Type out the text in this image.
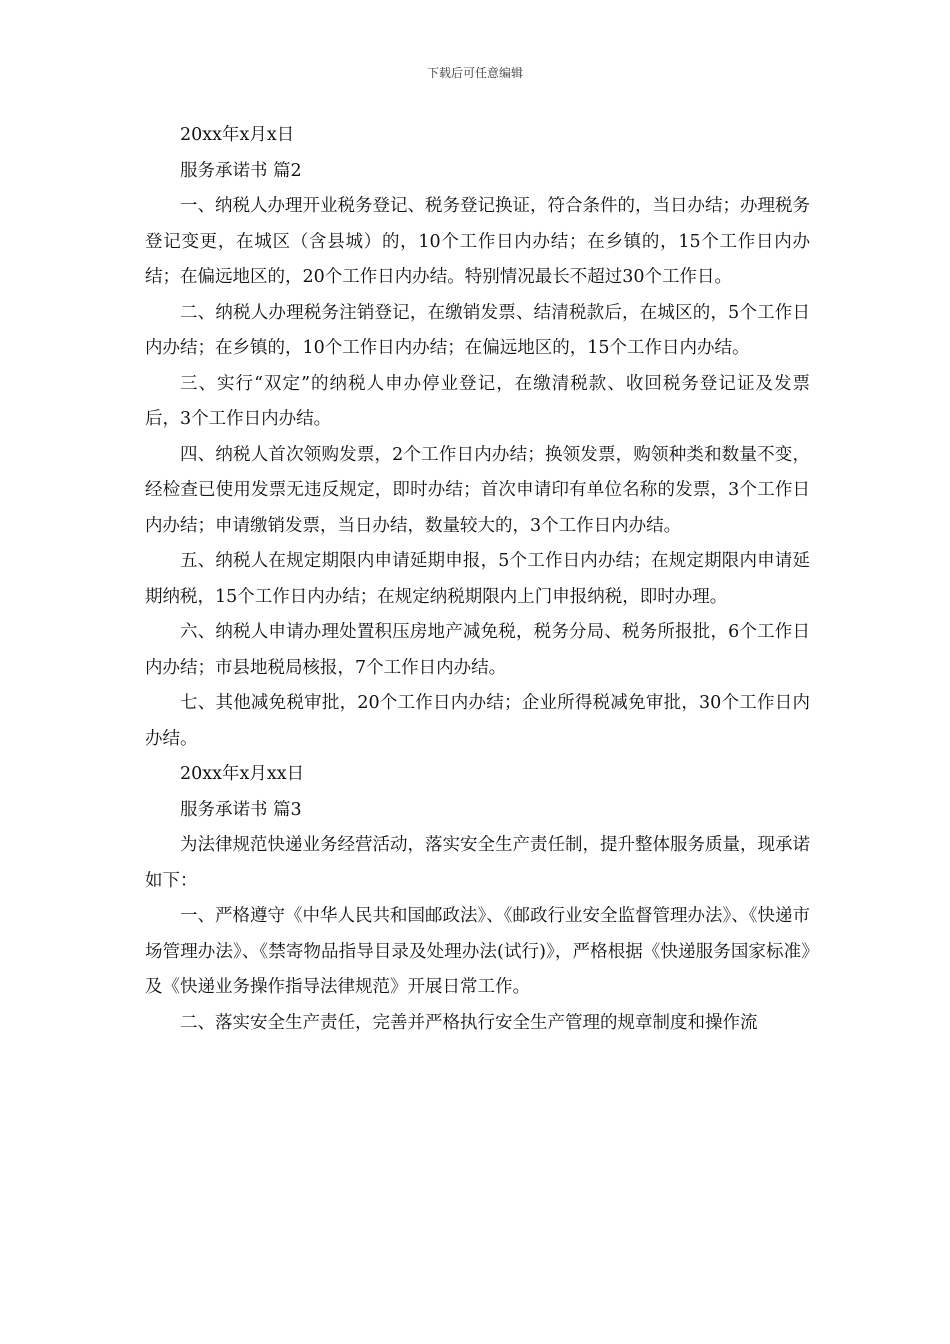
下载后可任意编辑

20xx年x月x日

服务承诺书 篇2

一、纳税人办理开业税务登记、税务登记换证，符合条件的，当日办结；办理税务登记变更，在城区（含县城）的，10个工作日内办结；在乡镇的，15个工作日内办结；在偏远地区的，20个工作日内办结。特别情况最长不超过30个工作日。

二、纳税人办理税务注销登记，在缴销发票、结清税款后，在城区的，5个工作日内办结；在乡镇的，10个工作日内办结；在偏远地区的，15个工作日内办结。

三、实行“双定”的纳税人申办停业登记，在缴清税款、收回税务登记证及发票后，3个工作日内办结。

四、纳税人首次领购发票，2个工作日内办结；换领发票，购领种类和数量不变，经检查已使用发票无违反规定，即时办结；首次申请印有单位名称的发票，3个工作日内办结；申请缴销发票，当日办结，数量较大的，3个工作日内办结。

五、纳税人在规定期限内申请延期申报，5个工作日内办结；在规定期限内申请延期纳税，15个工作日内办结；在规定纳税期限内上门申报纳税，即时办理。

六、纳税人申请办理处置积压房地产减免税，税务分局、税务所报批，6个工作日内办结；市县地税局核报，7个工作日内办结。

七、其他减免税审批，20个工作日内办结；企业所得税减免审批，30个工作日内办结。

20xx年x月xx日

服务承诺书 篇3

为法律规范快递业务经营活动，落实安全生产责任制，提升整体服务质量，现承诺如下：

一、严格遵守《中华人民共和国邮政法》、《邮政行业安全监督管理办法》、《快递市场管理办法》、《禁寄物品指导目录及处理办法(试行)》，严格根据《快递服务国家标准》及《快递业务操作指导法律规范》开展日常工作。

二、落实安全生产责任，完善并严格执行安全生产管理的规章制度和操作流
